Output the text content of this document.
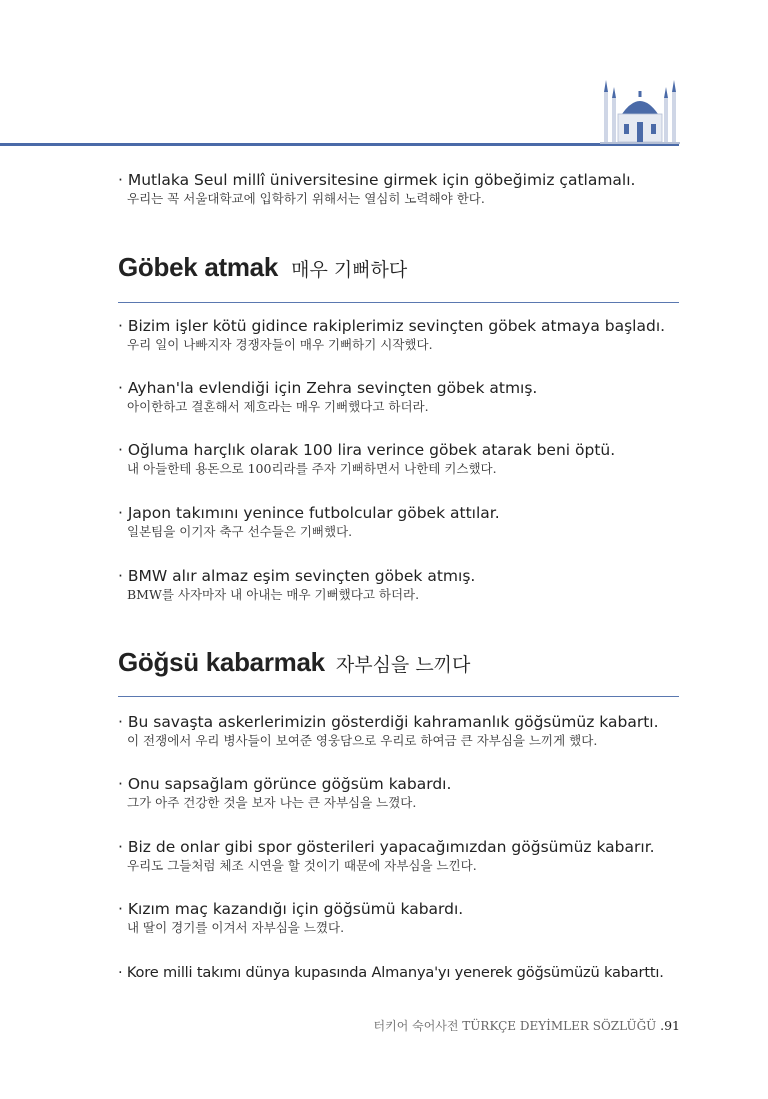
· Mutlaka Seul millî üniversitesine girmek için göbeğimiz çatlamalı.
우리는 꼭 서울대학교에 입학하기 위해서는 열심히 노력해야 한다.
Göbek atmak 매우 기뻐하다
· Bizim işler kötü gidince rakiplerimiz sevinçten göbek atmaya başladı.
우리 일이 나빠지자 경쟁자들이 매우 기뻐하기 시작했다.
· Ayhan'la evlendiği için Zehra sevinçten göbek atmış.
아이한하고 결혼해서 제흐라는 매우 기뻐했다고 하더라.
· Oğluma harçlık olarak 100 lira verince göbek atarak beni öptü.
내 아들한테 용돈으로 100리라를 주자 기뻐하면서 나한테 키스했다.
· Japon takımını yenince futbolcular göbek attılar.
일본팀을 이기자 축구 선수들은 기뻐했다.
· BMW alır almaz eşim sevinçten göbek atmış.
BMW를 사자마자 내 아내는 매우 기뻐했다고 하더라.
Göğsü kabarmak 자부심을 느끼다
· Bu savaşta askerlerimizin gösterdiği kahramanlık göğsümüz kabartı.
이 전쟁에서 우리 병사들이 보여준 영웅담으로 우리로 하여금 큰 자부심을 느끼게 했다.
· Onu sapsağlam görünce göğsüm kabardı.
그가 아주 건강한 것을 보자 나는 큰 자부심을 느꼈다.
· Biz de onlar gibi spor gösterileri yapacağımızdan göğsümüz kabarır.
우리도 그들처럼 체조 시연을 할 것이기 때문에 자부심을 느낀다.
· Kızım maç kazandığı için göğsümü kabardı.
내 딸이 경기를 이겨서 자부심을 느꼈다.
· Kore milli takımı dünya kupasında Almanya'yı yenerek göğsümüzü kabarttı.
터키어 숙어사전 TÜRKÇE DEYİMLER SÖZLÜĞÜ .91
